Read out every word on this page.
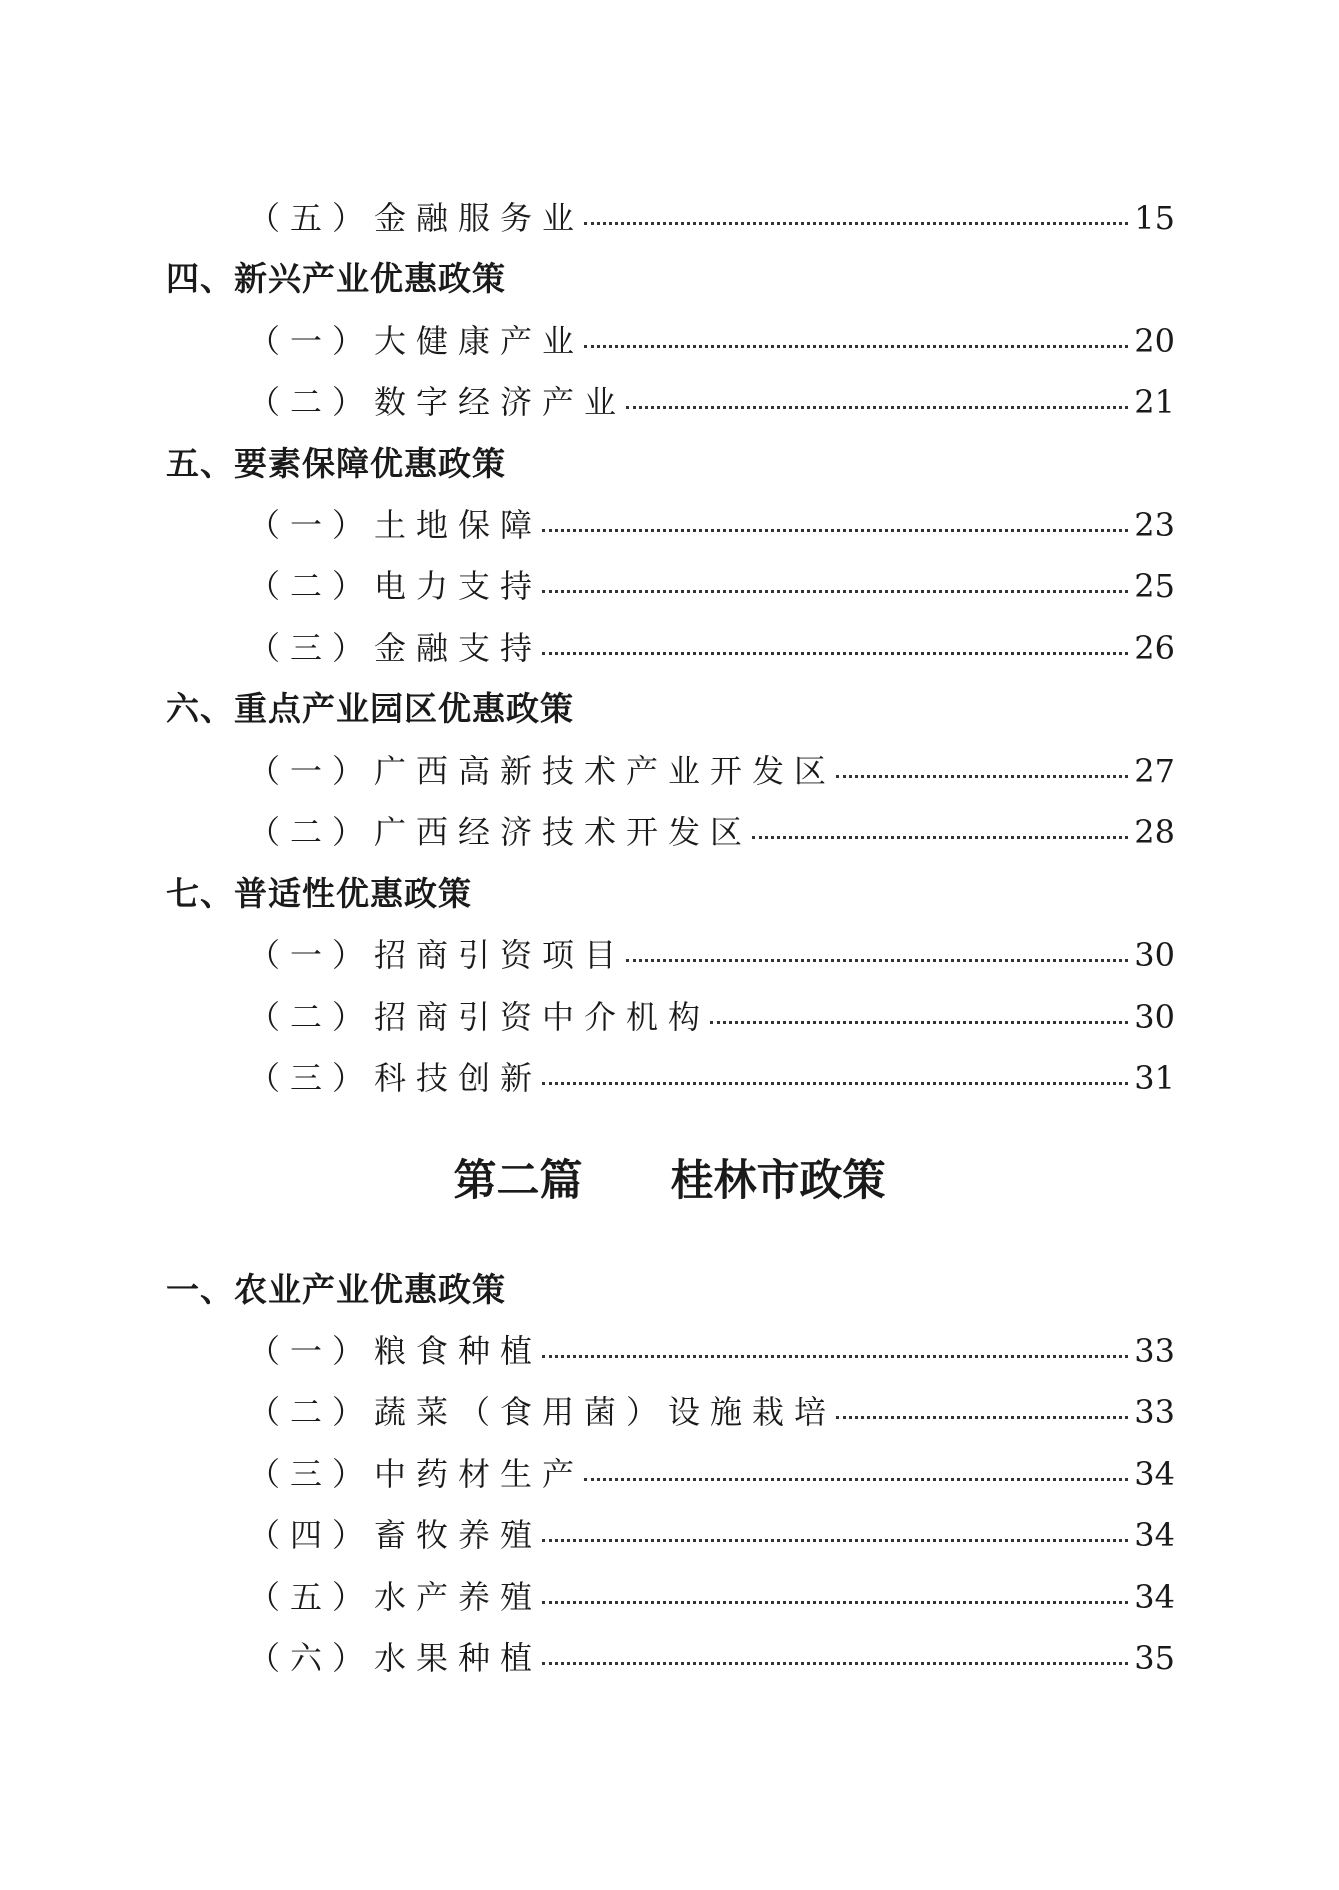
（五）金融服务业	15
四、新兴产业优惠政策
（一）大健康产业	20
（二）数字经济产业	21
五、要素保障优惠政策
（一）土地保障	23
（二）电力支持	25
（三）金融支持	26
六、重点产业园区优惠政策
（一）广西高新技术产业开发区	27
（二）广西经济技术开发区	28
七、普适性优惠政策
（一）招商引资项目	30
（二）招商引资中介机构	30
（三）科技创新	31
第二篇 桂林市政策
一、农业产业优惠政策
（一）粮食种植	33
（二）蔬菜（食用菌）设施栽培	33
（三）中药材生产	34
（四）畜牧养殖	34
（五）水产养殖	34
（六）水果种植	35
